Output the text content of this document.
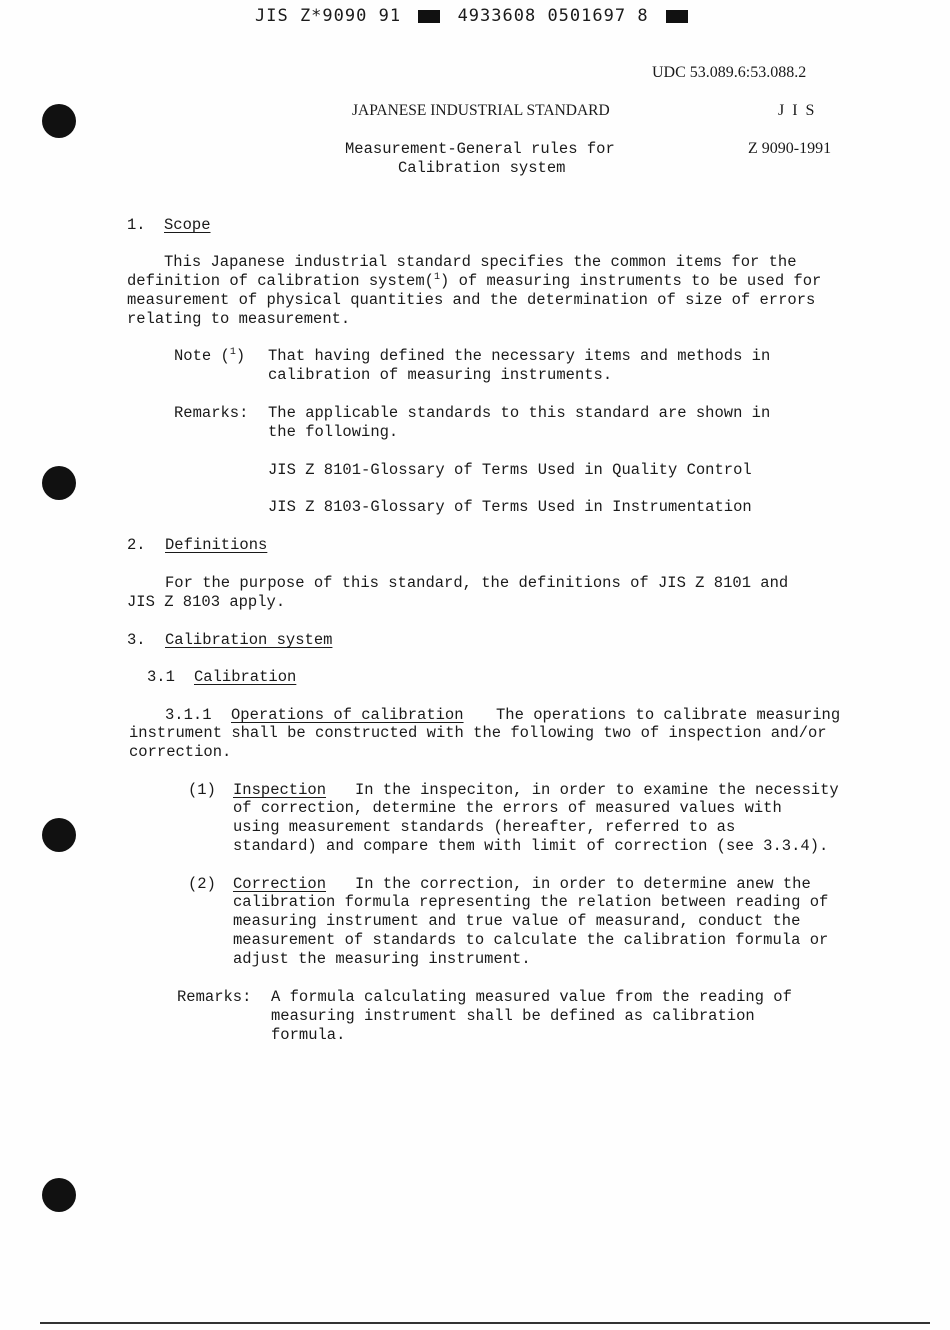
JIS Z*9090 91	4933608 0501697 8
UDC 53.089.6:53.088.2
J I S
Z 9090-1991
JAPANESE INDUSTRIAL STANDARD
Measurement-General rules for
Calibration system
1. Scope
This Japanese industrial standard specifies the common items for the
definition of calibration system($^1$) of measuring instruments to be used for
measurement of physical quantities and the determination of size of errors
relating to measurement.
Note ($^1$) That having defined the necessary items and methods in
calibration of measuring instruments.
Remarks: The applicable standards to this standard are shown in
the following.
JIS Z 8101-Glossary of Terms Used in Quality Control
JIS Z 8103-Glossary of Terms Used in Instrumentation
2. Definitions
For the purpose of this standard, the definitions of JIS Z 8101 and
JIS Z 8103 apply.
3. Calibration system
3.1 Calibration
3.1.1 Operations of calibration The operations to calibrate measuring
instrument shall be constructed with the following two of inspection and/or
correction.
(1) Inspection In the inspeciton, in order to examine the necessity
of correction, determine the errors of measured values with
using measurement standards (hereafter, referred to as
standard) and compare them with limit of correction (see 3.3.4).
(2) Correction In the correction, in order to determine anew the
calibration formula representing the relation between reading of
measuring instrument and true value of measurand, conduct the
measurement of standards to calculate the calibration formula or
adjust the measuring instrument.
Remarks: A formula calculating measured value from the reading of
measuring instrument shall be defined as calibration
formula.
